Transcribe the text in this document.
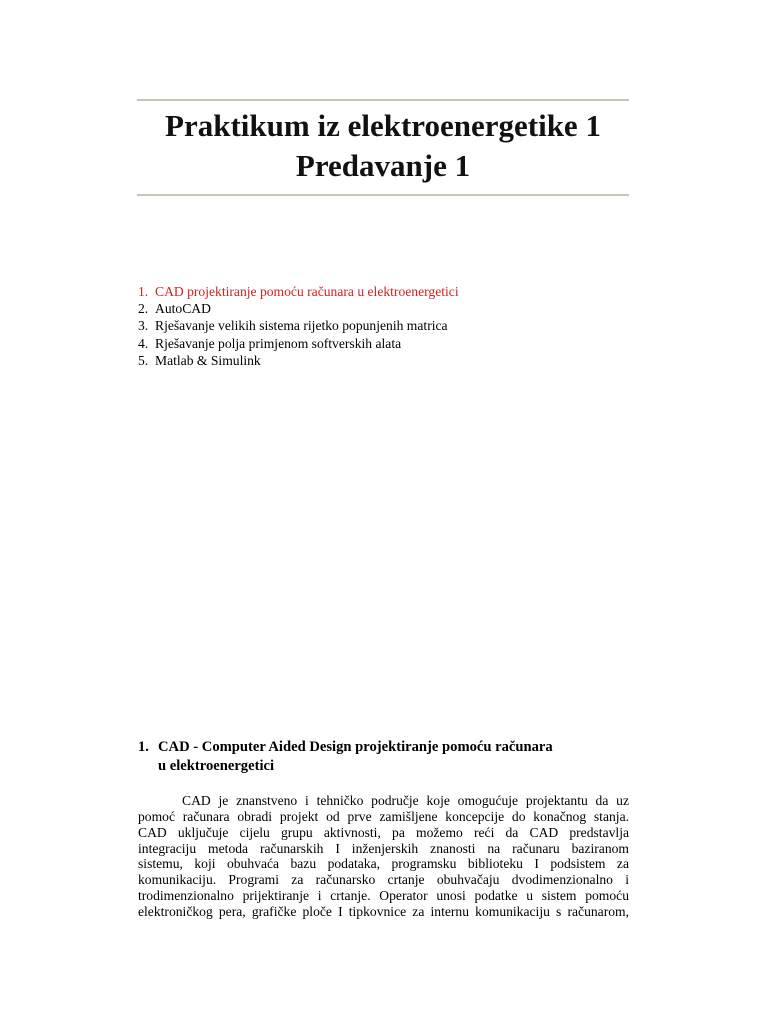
Praktikum iz elektroenergetike 1
Predavanje 1
1. CAD projektiranje pomoću računara u elektroenergetici
2. AutoCAD
3. Rješavanje velikih sistema rijetko popunjenih matrica
4. Rješavanje polja primjenom softverskih alata
5. Matlab & Simulink
1. CAD - Computer Aided Design projektiranje pomoću računara
u elektroenergetici
CAD je znanstveno i tehničko područje koje omogućuje projektantu da uz
pomoć računara obradi projekt od prve zamišljene koncepcije do konačnog stanja.
CAD uključuje cijelu grupu aktivnosti, pa možemo reći da CAD predstavlja
integraciju metoda računarskih I inženjerskih znanosti na računaru baziranom
sistemu, koji obuhvaća bazu podataka, programsku biblioteku I podsistem za
komunikaciju. Programi za računarsko crtanje obuhvačaju dvodimenzionalno i
trodimenzionalno prijektiranje i crtanje. Operator unosi podatke u sistem pomoću
elektroničkog pera, grafičke ploče I tipkovnice za internu komunikaciju s računarom,
